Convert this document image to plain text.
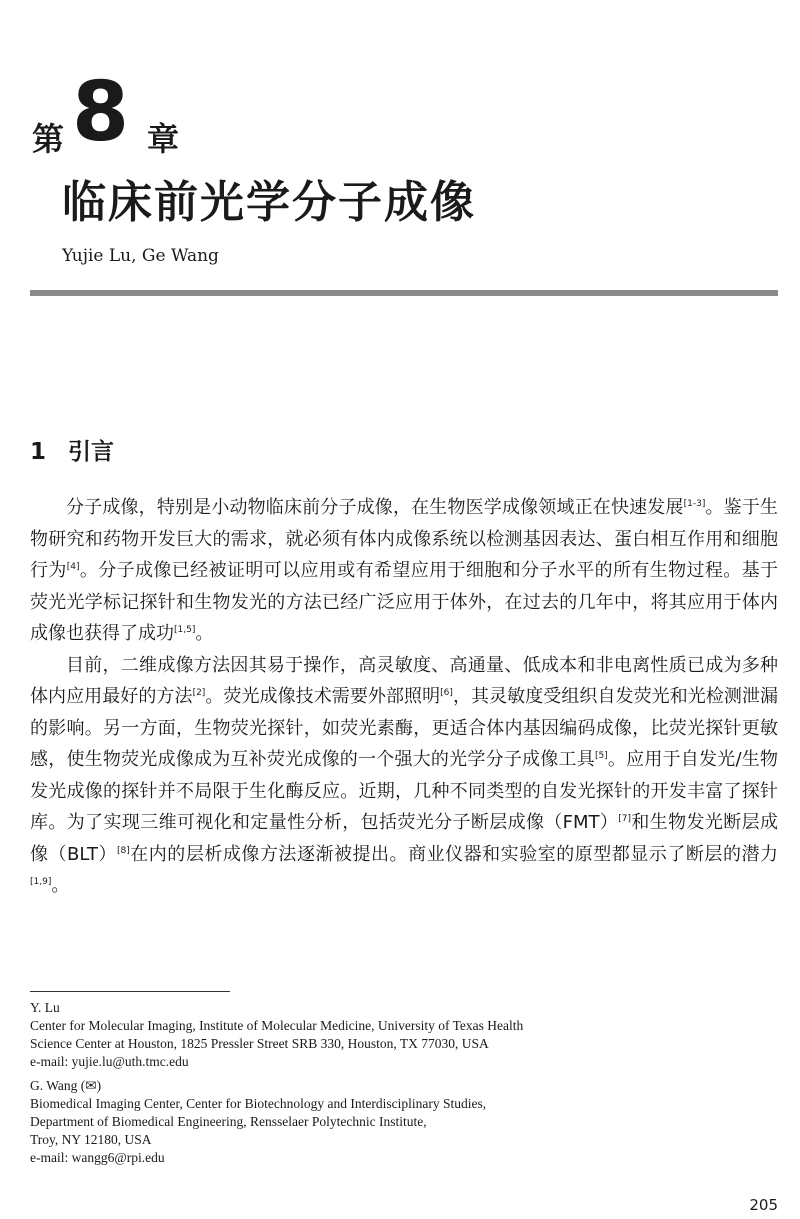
第 8 章
临床前光学分子成像
Yujie Lu, Ge Wang
1 引言

分子成像，特别是小动物临床前分子成像，在生物医学成像领域正在快速发展[1-3]。鉴于生物研究和药物开发巨大的需求，就必须有体内成像系统以检测基因表达、蛋白相互作用和细胞行为[4]。分子成像已经被证明可以应用或有希望应用于细胞和分子水平的所有生物过程。基于荧光光学标记探针和生物发光的方法已经广泛应用于体外，在过去的几年中，将其应用于体内成像也获得了成功[1,5]。

目前，二维成像方法因其易于操作，高灵敏度、高通量、低成本和非电离性质已成为多种体内应用最好的方法[2]。荧光成像技术需要外部照明[6]，其灵敏度受组织自发荧光和光检测泄漏的影响。另一方面，生物荧光探针，如荧光素酶，更适合体内基因编码成像，比荧光探针更敏感，使生物荧光成像成为互补荧光成像的一个强大的光学分子成像工具[5]。应用于自发光/生物发光成像的探针并不局限于生化酶反应。近期，几种不同类型的自发光探针的开发丰富了探针库。为了实现三维可视化和定量性分析，包括荧光分子断层成像（FMT）[7]和生物发光断层成像（BLT）[8]在内的层析成像方法逐渐被提出。商业仪器和实验室的原型都显示了断层的潜力[1,9]。

Y. Lu
Center for Molecular Imaging, Institute of Molecular Medicine, University of Texas Health
Science Center at Houston, 1825 Pressler Street SRB 330, Houston, TX 77030, USA
e-mail: yujie.lu@uth.tmc.edu
G. Wang (✉)
Biomedical Imaging Center, Center for Biotechnology and Interdisciplinary Studies,
Department of Biomedical Engineering, Rensselaer Polytechnic Institute,
Troy, NY 12180, USA
e-mail: wangg6@rpi.edu
205
